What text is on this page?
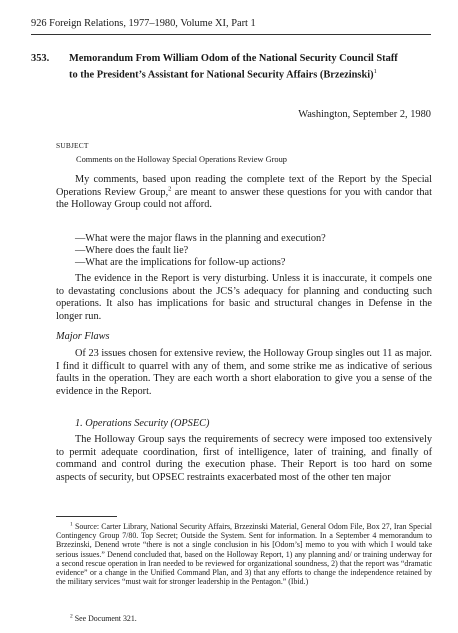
926 Foreign Relations, 1977–1980, Volume XI, Part 1
353. Memorandum From William Odom of the National Security Council Staff to the President’s Assistant for National Security Affairs (Brzezinski)$^1$
Washington, September 2, 1980
SUBJECT
Comments on the Holloway Special Operations Review Group
My comments, based upon reading the complete text of the Report by the Special Operations Review Group,$^2$ are meant to answer these questions for you with candor that the Holloway Group could not afford.
—What were the major flaws in the planning and execution?
—Where does the fault lie?
—What are the implications for follow-up actions?
The evidence in the Report is very disturbing. Unless it is inaccurate, it compels one to devastating conclusions about the JCS’s adequacy for planning and conducting such operations. It also has implications for basic and structural changes in Defense in the longer run.
Major Flaws
Of 23 issues chosen for extensive review, the Holloway Group singles out 11 as major. I find it difficult to quarrel with any of them, and some strike me as indicative of serious faults in the operation. They are each worth a short elaboration to give you a sense of the evidence in the Report.
1. Operations Security (OPSEC)
The Holloway Group says the requirements of secrecy were imposed too extensively to permit adequate coordination, first of intelligence, later of training, and finally of command and control during the execution phase. Their Report is too hard on some aspects of security, but OPSEC restraints exacerbated most of the other ten major
$^1$ Source: Carter Library, National Security Affairs, Brzezinski Material, General Odom File, Box 27, Iran Special Contingency Group 7/80. Top Secret; Outside the System. Sent for information. In a September 4 memorandum to Brzezinski, Denend wrote “there is not a single conclusion in his [Odom’s] memo to you with which I would take serious issues.” Denend concluded that, based on the Holloway Report, 1) any planning and/ or training underway for a second rescue operation in Iran needed to be reviewed for organizational soundness, 2) that the report was “dramatic evidence” or a change in the Unified Command Plan, and 3) that any efforts to change the independence retained by the military services “must wait for stronger leadership in the Pentagon.” (Ibid.)
$^2$ See Document 321.
